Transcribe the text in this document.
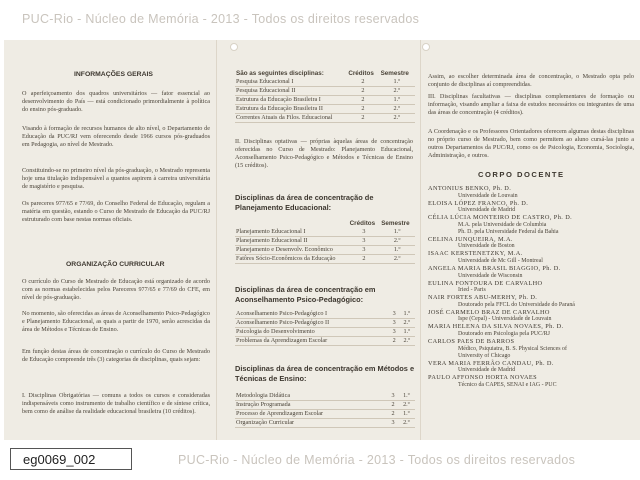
PUC-Rio - Núcleo de Memória - 2013 - Todos os direitos reservados
INFORMAÇÕES GERAIS
O aperfeiçoamento dos quadros universitários — fator essencial ao desenvolvimento do País — está condicionado primordialmente à política do ensino pós-graduado.
Visando à formação de recursos humanos de alto nível, o Departamento de Educação da PUC/RJ vem oferecendo desde 1966 cursos pós-graduados em Pedagogia, ao nível de Mestrado.
Constituindo-se no primeiro nível da pós-graduação, o Mestrado representa hoje uma titulação indispensável a quantos aspirem à carreira universitária de magistério e pesquisa.
Os pareceres 977/65 e 77/69, do Conselho Federal de Educação, regulam a matéria em questão, estando o Curso de Mestrado de Educação da PUC/RJ estruturado com base nestas normas oficiais.
ORGANIZAÇÃO CURRICULAR
O currículo do Curso de Mestrado de Educação está organizado de acordo com as normas estabelecidas pelos Pareceres 977/65 e 77/69 do CFE, em nível de pós-graduação.
No momento, são oferecidas as áreas de Aconselhamento Psico-Pedagógico e Planejamento Educacional, as quais a partir de 1970, serão acrescidas da área de Métodos e Técnicas de Ensino.
Em função destas áreas de concentração o currículo do Curso de Mestrado de Educação compreende três (3) categorias de disciplinas, quais sejam:
I. Disciplinas Obrigatórias — comuns a todos os cursos e consideradas indispensáveis como instrumento de trabalho científico e de síntese crítica, bem como de análise da realidade educacional brasileira (10 créditos).
São as seguintes disciplinas:	Créditos	Semestre
Pesquisa Educacional I	2	1.º
Pesquisa Educacional II	2	2.º
Estrutura da Educação Brasileira I	2	1.º
Estrutura da Educação Brasileira II	2	2.º
Correntes Atuais da Filos. Educacional	2	2.º
II. Disciplinas optativas — próprias àquelas áreas de concentração oferecidas no Curso de Mestrado: Planejamento Educacional, Aconselhamento Psico-Pedagógico e Métodos e Técnicas de Ensino (15 créditos).
Disciplinas da área de concentração de Planejamento Educacional:
	Créditos	Semestre
Planejamento Educacional I	3	1.º
Planejamento Educacional II	3	2.º
Planejamento e Desenvolv. Econômico	3	1.º
Fatôres Sócio-Econômicos da Educação	2	2.º
Disciplinas da área de concentração em Aconselhamento Psico-Pedagógico:
Aconselhamento Psico-Pedagógico I	3	1.º
Aconselhamento Psico-Pedagógico II	3	2.º
Psicologia do Desenvolvimento	3	1.º
Problemas da Aprendizagem Escolar	2	2.º
Disciplinas da área de concentração em Métodos e Técnicas de Ensino:
Metodologia Didática	3	1.º
Instrução Programada	2	2.º
Processo de Aprendizagem Escolar	2	1.º
Organização Curricular	3	2.º
Assim, ao escolher determinada área de concentração, o Mestrado opta pelo conjunto de disciplinas aí compreendidas.
III. Disciplinas facultativas — disciplinas complementares de formação ou informação, visando ampliar a faixa de estudos necessários ou integrantes de uma das áreas de concentração (4 créditos).
A Coordenação e os Professores Orientadores oferecem algumas destas disciplinas no próprio curso de Mestrado, bem como permitem ao aluno cursá-las junto a outros Departamentos da PUC/RJ, como os de Psicologia, Economia, Sociologia, Administração, e outros.
CORPO DOCENTE
ANTONIUS BENKO, Ph. D.
Universidade de Louvain
ELOISA LÓPEZ FRANCO, Ph. D.
Universidade de Madrid
CÉLIA LÚCIA MONTEIRO DE CASTRO, Ph. D.
M.A. pela Universidade de Columbia
Ph. D. pela Universidade Federal da Bahia
CELINA JUNQUEIRA, M.A.
Universidade de Boston
ISAAC KERSTENETZKY, M.A.
Universidade de Mc Gill - Montreal
ANGELA MARIA BRASIL BIAGGIO, Ph. D.
Universidade de Wisconsin
EULINA FONTOURA DE CARVALHO
Iried - Paris
NAIR FORTES ABU-MERHY, Ph. D.
Doutorado pela FFCL do Universidade do Paraná
JOSÉ CARMELO BRAZ DE CARVALHO
Ispe (Cepal) - Universidade de Louvain
MARIA HELENA DA SILVA NOVAES, Ph. D.
Doutorado em Psicologia pela PUC/RJ
CARLOS PAES DE BARROS
Médico, Psiquiatra, B. S. Physical Sciences of
University of Chicago
VERA MARIA FERRÃO CANDAU, Ph. D.
Universidade de Madrid
PAULO AFFONSO HORTA NOVAES
Técnico da CAPES, SENAI e IAG - PUC
PUC-Rio - Núcleo de Memória - 2013 - Todos os direitos reservados
eg0069_002
